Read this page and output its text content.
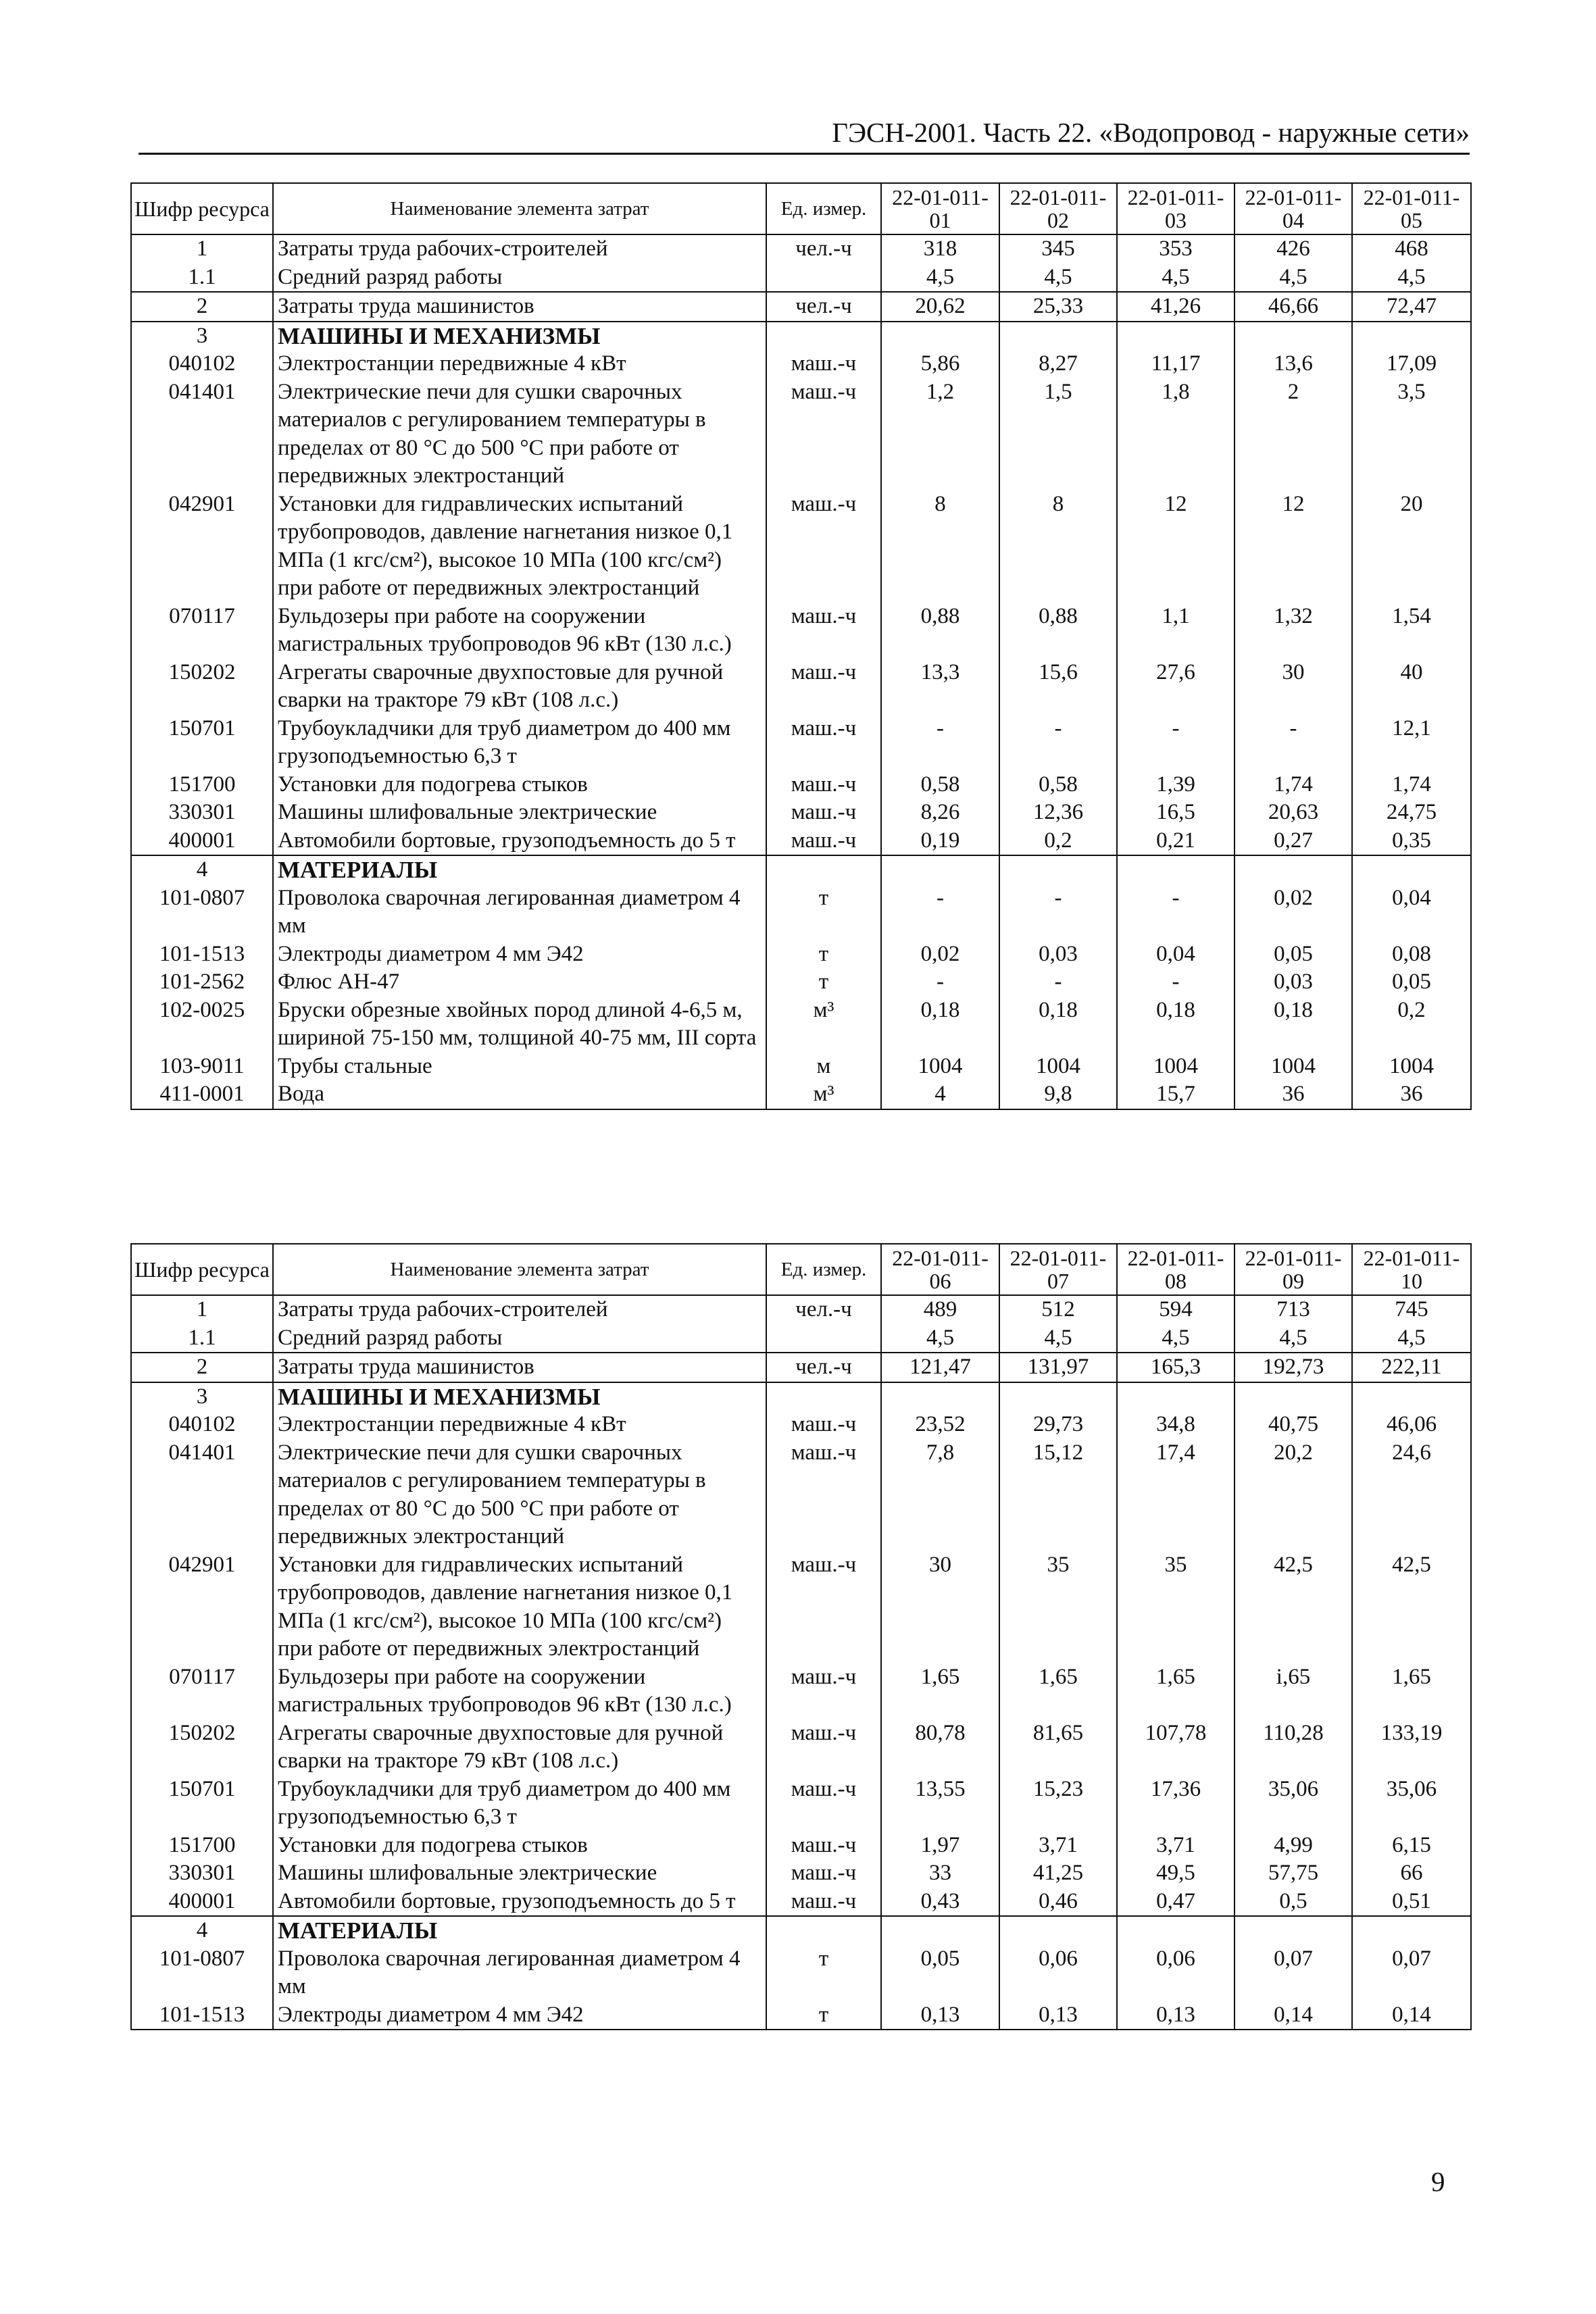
ГЭСН-2001. Часть 22. «Водопровод - наружные сети»
Шифр ресурса	Наименование элемента затрат	Ед. измер.	22-01-011-01	22-01-011-02	22-01-011-03	22-01-011-04	22-01-011-05
1	Затраты труда рабочих-строителей	чел.-ч	318	345	353	426	468
1.1	Средний разряд работы		4,5	4,5	4,5	4,5	4,5
2	Затраты труда машинистов	чел.-ч	20,62	25,33	41,26	46,66	72,47
3	МАШИНЫ И МЕХАНИЗМЫ						
040102	Электростанции передвижные 4 кВт	маш.-ч	5,86	8,27	11,17	13,6	17,09
041401	Электрические печи для сушки сварочных материалов с регулированием температуры в пределах от 80 °С до 500 °С при работе от передвижных электростанций	маш.-ч	1,2	1,5	1,8	2	3,5
042901	Установки для гидравлических испытаний трубопроводов, давление нагнетания низкое 0,1 МПа (1 кгс/см²), высокое 10 МПа (100 кгс/см²) при работе от передвижных электростанций	маш.-ч	8	8	12	12	20
070117	Бульдозеры при работе на сооружении магистральных трубопроводов 96 кВт (130 л.с.)	маш.-ч	0,88	0,88	1,1	1,32	1,54
150202	Агрегаты сварочные двухпостовые для ручной сварки на тракторе 79 кВт (108 л.с.)	маш.-ч	13,3	15,6	27,6	30	40
150701	Трубоукладчики для труб диаметром до 400 мм грузоподъемностью 6,3 т	маш.-ч	-	-	-	-	12,1
151700	Установки для подогрева стыков	маш.-ч	0,58	0,58	1,39	1,74	1,74
330301	Машины шлифовальные электрические	маш.-ч	8,26	12,36	16,5	20,63	24,75
400001	Автомобили бортовые, грузоподъемность до 5 т	маш.-ч	0,19	0,2	0,21	0,27	0,35
4	МАТЕРИАЛЫ						
101-0807	Проволока сварочная легированная диаметром 4 мм	т	-	-	-	0,02	0,04
101-1513	Электроды диаметром 4 мм Э42	т	0,02	0,03	0,04	0,05	0,08
101-2562	Флюс АН-47	т	-	-	-	0,03	0,05
102-0025	Бруски обрезные хвойных пород длиной 4-6,5 м, шириной 75-150 мм, толщиной 40-75 мм, III сорта	м³	0,18	0,18	0,18	0,18	0,2
103-9011	Трубы стальные	м	1004	1004	1004	1004	1004
411-0001	Вода	м³	4	9,8	15,7	36	36
Шифр ресурса	Наименование элемента затрат	Ед. измер.	22-01-011-06	22-01-011-07	22-01-011-08	22-01-011-09	22-01-011-10
1	Затраты труда рабочих-строителей	чел.-ч	489	512	594	713	745
1.1	Средний разряд работы		4,5	4,5	4,5	4,5	4,5
2	Затраты труда машинистов	чел.-ч	121,47	131,97	165,3	192,73	222,11
3	МАШИНЫ И МЕХАНИЗМЫ						
040102	Электростанции передвижные 4 кВт	маш.-ч	23,52	29,73	34,8	40,75	46,06
041401	Электрические печи для сушки сварочных материалов с регулированием температуры в пределах от 80 °С до 500 °С при работе от передвижных электростанций	маш.-ч	7,8	15,12	17,4	20,2	24,6
042901	Установки для гидравлических испытаний трубопроводов, давление нагнетания низкое 0,1 МПа (1 кгс/см²), высокое 10 МПа (100 кгс/см²) при работе от передвижных электростанций	маш.-ч	30	35	35	42,5	42,5
070117	Бульдозеры при работе на сооружении магистральных трубопроводов 96 кВт (130 л.с.)	маш.-ч	1,65	1,65	1,65	i,65	1,65
150202	Агрегаты сварочные двухпостовые для ручной сварки на тракторе 79 кВт (108 л.с.)	маш.-ч	80,78	81,65	107,78	110,28	133,19
150701	Трубоукладчики для труб диаметром до 400 мм грузоподъемностью 6,3 т	маш.-ч	13,55	15,23	17,36	35,06	35,06
151700	Установки для подогрева стыков	маш.-ч	1,97	3,71	3,71	4,99	6,15
330301	Машины шлифовальные электрические	маш.-ч	33	41,25	49,5	57,75	66
400001	Автомобили бортовые, грузоподъемность до 5 т	маш.-ч	0,43	0,46	0,47	0,5	0,51
4	МАТЕРИАЛЫ						
101-0807	Проволока сварочная легированная диаметром 4 мм	т	0,05	0,06	0,06	0,07	0,07
101-1513	Электроды диаметром 4 мм Э42	т	0,13	0,13	0,13	0,14	0,14
9
